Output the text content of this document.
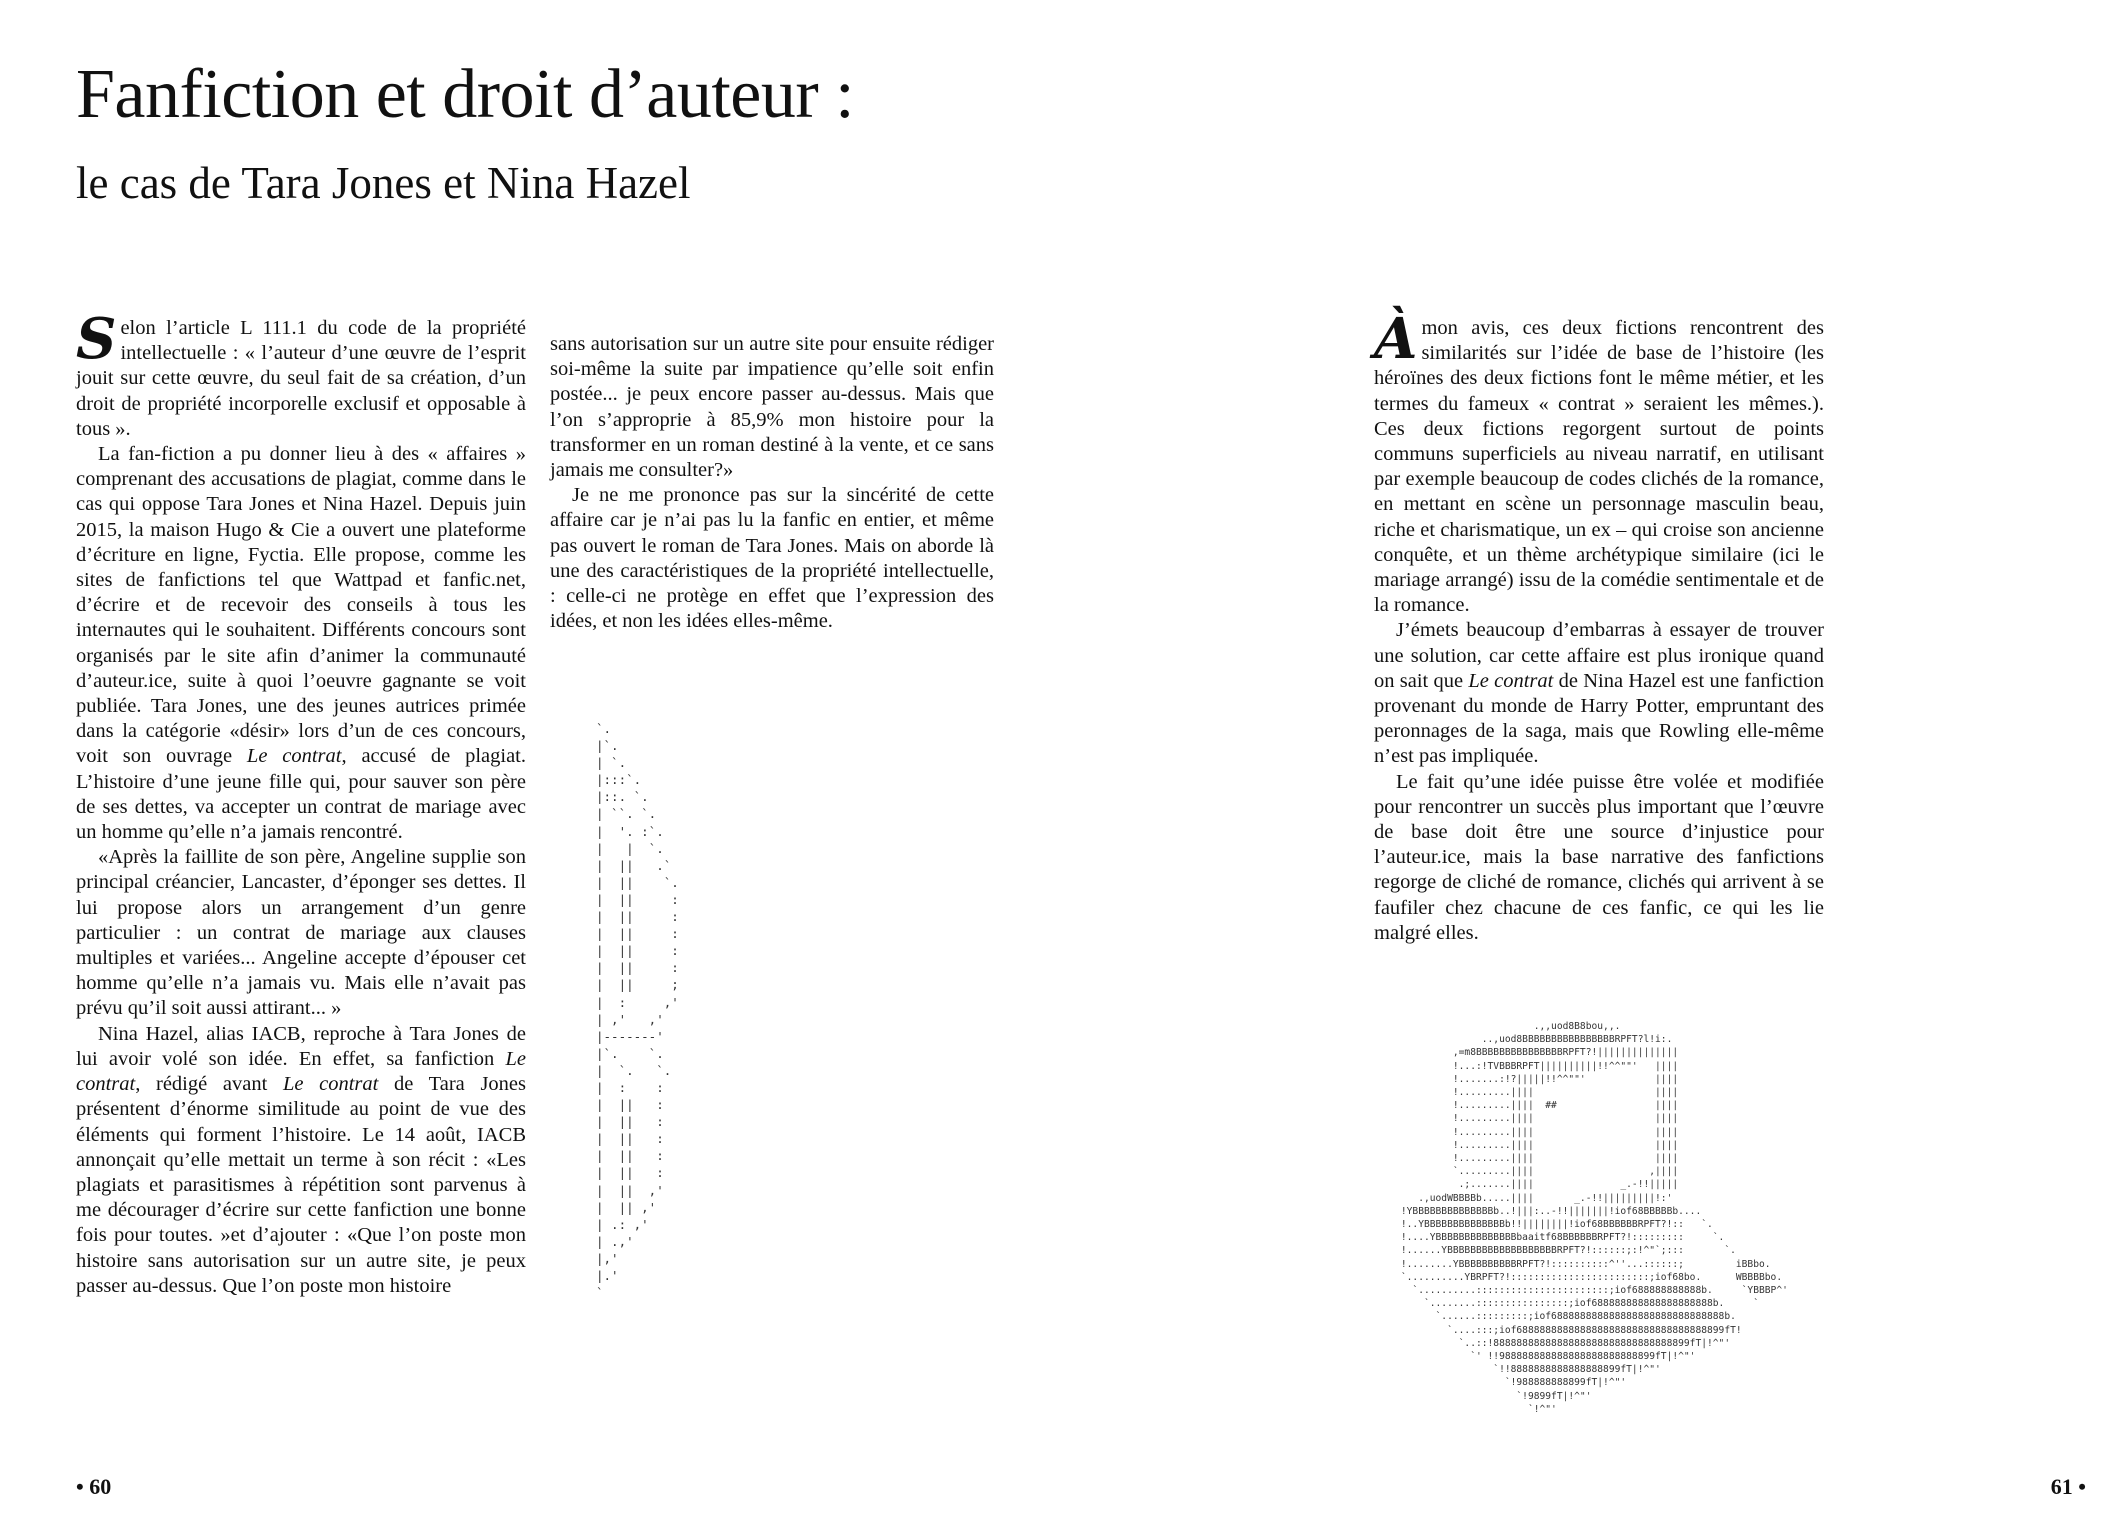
Fanfiction et droit d’auteur :
le cas de Tara Jones et Nina Hazel

Selon l’article L 111.1 du code de la propriété intellectuelle : « l’auteur d’une œuvre de l’esprit jouit sur cette œuvre, du seul fait de sa création, d’un droit de propriété incorporelle exclusif et opposable à tous ».

La fan-fiction a pu donner lieu à des « affaires » comprenant des accusations de plagiat, comme dans le cas qui oppose Tara Jones et Nina Hazel. Depuis juin 2015, la maison Hugo & Cie a ouvert une plateforme d’écriture en ligne, Fyctia. Elle propose, comme les sites de fanfictions tel que Wattpad et fanfic.net, d’écrire et de recevoir des conseils à tous les internautes qui le souhaitent. Différents concours sont organisés par le site afin d’animer la communauté d’auteur.ice, suite à quoi l’oeuvre gagnante se voit publiée. Tara Jones, une des jeunes autrices primée dans la catégorie «désir» lors d’un de ces concours, voit son ouvrage Le contrat, accusé de plagiat. L’histoire d’une jeune fille qui, pour sauver son père de ses dettes, va accepter un contrat de mariage avec un homme qu’elle n’a jamais rencontré.

«Après la faillite de son père, Angeline supplie son principal créancier, Lancaster, d’éponger ses dettes. Il lui propose alors un arrangement d’un genre particulier : un contrat de mariage aux clauses multiples et variées... Angeline accepte d’épouser cet homme qu’elle n’a jamais vu. Mais elle n’avait pas prévu qu’il soit aussi attirant... »

Nina Hazel, alias IACB, reproche à Tara Jones de lui avoir volé son idée. En effet, sa fanfiction Le contrat, rédigé avant Le contrat de Tara Jones présentent d’énorme similitude au point de vue des éléments qui forment l’histoire. Le 14 août, IACB annonçait qu’elle mettait un terme à son récit : «Les plagiats et parasitismes à répétition sont parvenus à me décourager d’écrire sur cette fanfiction une bonne fois pour toutes. »et d’ajouter : «Que l’on poste mon histoire sans autorisation sur un autre site, je peux passer au-dessus. Que l’on poste mon histoire

sans autorisation sur un autre site pour ensuite rédiger soi-même la suite par impatience qu’elle soit enfin postée... je peux encore passer au-dessus. Mais que l’on s’approprie à 85,9% mon histoire pour la transformer en un roman destiné à la vente, et ce sans jamais me consulter?»

Je ne me prononce pas sur la sincérité de cette affaire car je n’ai pas lu la fanfic en entier, et même pas ouvert le roman de Tara Jones. Mais on aborde là une des caractéristiques de la propriété intellectuelle, : celle-ci ne protège en effet que l’expression des idées, et non les idées elles-même.

`.
|`.
| `.
|:::`.
|::. `.
| ``. `.
|  '. :`.
|   |  `.
|  ||   .`
|  ||    `.
|  ||     :
|  ||     :
|  ||     :
|  ||     :
|  ||     :
|  ||     ;
|  :     ,'
| ,'   ,'
|-------'
|`.    `.
|  `.   `.
|  :    :
|  ||   :
|  ||   :
|  ||   :
|  ||   :
|  ||   :
|  ||  ,'
|  || ,'
| .: ,'
| .,'
|,'
|.'
`

Àmon avis, ces deux fictions rencontrent des similarités sur l’idée de base de l’histoire (les héroïnes des deux fictions font le même métier, et les termes du fameux « contrat » seraient les mêmes.). Ces deux fictions regorgent surtout de points communs superficiels au niveau narratif, en utilisant par exemple beaucoup de codes clichés de la romance, en mettant en scène un personnage masculin beau, riche et charismatique, un ex – qui croise son ancienne conquête, et un thème archétypique similaire (ici le mariage arrangé) issu de la comédie sentimentale et de la romance.

J’émets beaucoup d’embarras à essayer de trouver une solution, car cette affaire est plus ironique quand on sait que Le contrat de Nina Hazel est une fanfiction provenant du monde de Harry Potter, empruntant des peronnages de la saga, mais que Rowling elle-même n’est pas impliquée.

Le fait qu’une idée puisse être volée et modifiée pour rencontrer un succès plus important que l’œuvre de base doit être une source d’injustice pour l’auteur.ice, mais la base narrative des fanfictions regorge de cliché de romance, clichés qui arrivent à se faufiler chez chacune de ces fanfic, ce qui les lie malgré elles.

.,,uod8B8bou,,.
..,uod8BBBBBBBBBBBBBBBBRPFT?l!i:.
,=m8BBBBBBBBBBBBBBBRPFT?!||||||||||||||
!...:!TVBBBRPFT||||||||||!!^^""'   ||||
!.......:!?|||||!!^^""'            ||||
!.........||||                     ||||
!.........||||  ##                 ||||
!.........||||                     ||||
!.........||||                     ||||
!.........||||                     ||||
!.........||||                     ||||
`.........||||                    ,||||
.;.......||||               _.-!!|||||
.,uodWBBBBb.....||||       _.-!!|||||||||!:'
!YBBBBBBBBBBBBBBb..!|||:..-!!|||||||!iof68BBBBBb....
!..YBBBBBBBBBBBBBBb!!||||||||!iof68BBBBBBRPFT?!::   `.
!....YBBBBBBBBBBBBBBbaaitf68BBBBBBRPFT?!:::::::::     `.
!......YBBBBBBBBBBBBBBBBBBBRPFT?!::::::;:!^"`;:::       `.
!........YBBBBBBBBBBRPFT?!::::::::::^''...::::::;         iBBbo.
`..........YBRPFT?!::::::::::::::::::::::::;iof68bo.      WBBBBbo.
`..........:::::::::::::::::::::::;iof688888888888b.     `YBBBP^'
`........::::::::::::::::;iof688888888888888888888b.     `
`......:::::::::;iof688888888888888888888888888888b.
`....:::;iof688888888888888888888888888888888899fT!
`..::!8888888888888888888888888888888899fT|!^"'
`' !!988888888888888888888888899fT|!^"'
`!!8888888888888888899fT|!^"'
`!988888888899fT|!^"'
`!9899fT|!^"'
`!^"'
• 60	61 •
